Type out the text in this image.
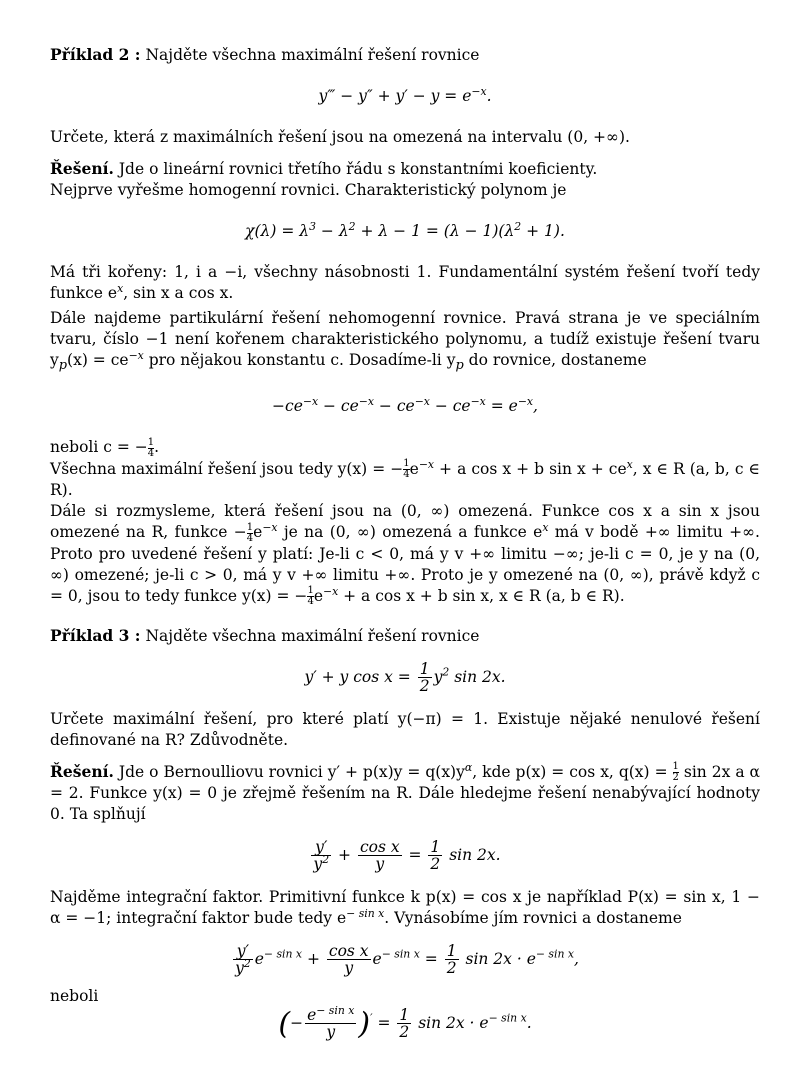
Příklad 2 : Najděte všechna maximální řešení rovnice

y‴ − $y'' + y' - y = e^{-x}$.

Určete, která z maximálních řešení jsou na omezená na intervalu (0, +∞).

Řešení. Jde o lineární rovnici třetího řádu s konstantními koeficienty.

Nejprve vyřešme homogenní rovnici. Charakteristický polynom je

$\chi(\lambda) = \lambda^3 - \lambda^2 + \lambda - 1 = (\lambda - 1)(\lambda^2 + 1)$.

Má tři kořeny: 1, i a −i, všechny násobnosti 1. Fundamentální systém řešení tvoří tedy funkce $e^x$, sin x a cos x.

Dále najdeme partikulární řešení nehomogenní rovnice. Pravá strana je ve speciálním tvaru, číslo −1 není kořenem charakteristického polynomu, a tudíž existuje řešení tvaru $y_p(x) = ce^{-x}$ pro nějakou konstantu c. Dosadíme-li $y_p$ do rovnice, dostaneme

$-ce^{-x} - ce^{-x} - ce^{-x} - ce^{-x} = e^{-x}$,

neboli c = − $\frac{1}{4}$ .

Všechna maximální řešení jsou tedy y(x) = − $\frac{1}{4} e^{-x} + a$ cos x + b $\sin x + ce^x$, x ∈ R (a, b, c ∈ R).

Dále si rozmysleme, která řešení jsou na (0, ∞) omezená. Funkce cos x a sin x jsou omezené na R, funkce − $\frac{1}{4} e^{-x}$ je na (0, ∞) omezená a funkce $e^x$ má v bodě +∞ limitu +∞. Proto pro uvedené řešení y platí: Je-li c < 0, má y v +∞ limitu −∞; je-li c = 0, je y na (0, ∞) omezené; je-li c > 0, má y v +∞ limitu +∞. Proto je y omezené na (0, ∞), právě když c = 0, jsou to tedy funkce y(x) = − $\frac{1}{4} e^{-x} + a$ cos x + b sin x, x ∈ R (a, b ∈ R).

Příklad 3 : Najděte všechna maximální řešení rovnice

y′ + y $\cos x = \frac{1}{2} y^2$ sin 2x.

Určete maximální řešení, pro které platí y(−π) = 1. Existuje nějaké nenulové řešení definované na R? Zdůvodněte.

Řešení. Jde o Bernoulliovu rovnici $y' + p(x)y = q(x)y^\alpha$, kde p(x) = cos x, $q(x) = \frac{1}{2}$ sin 2x a α = 2. Funkce y(x) = 0 je zřejmě řešením na R. Dále hledejme řešení nenabývající hodnoty 0. Ta splňují

$\frac{y'}{y^2} + \frac{\text{cos x}}{y} = \frac{1}{2}$ sin 2x.

Najděme integrační faktor. Primitivní funkce k p(x) = cos x je například P(x) = sin x, 1 − α = −1; integrační faktor bude tedy $e^{- sin x}$. Vynásobíme jím rovnici a dostaneme

$\frac{y'}{y^2} e^{- sin x} + \frac{\text{cos x}}{y} e^{- sin x} = \frac{1}{2}$ $\sin 2x \cdot e^{- sin x}$,

neboli

(− $\frac{e^{- sin x}}{y} )' = \frac{1}{2}$ $\sin 2x \cdot e^{- sin x}$.
